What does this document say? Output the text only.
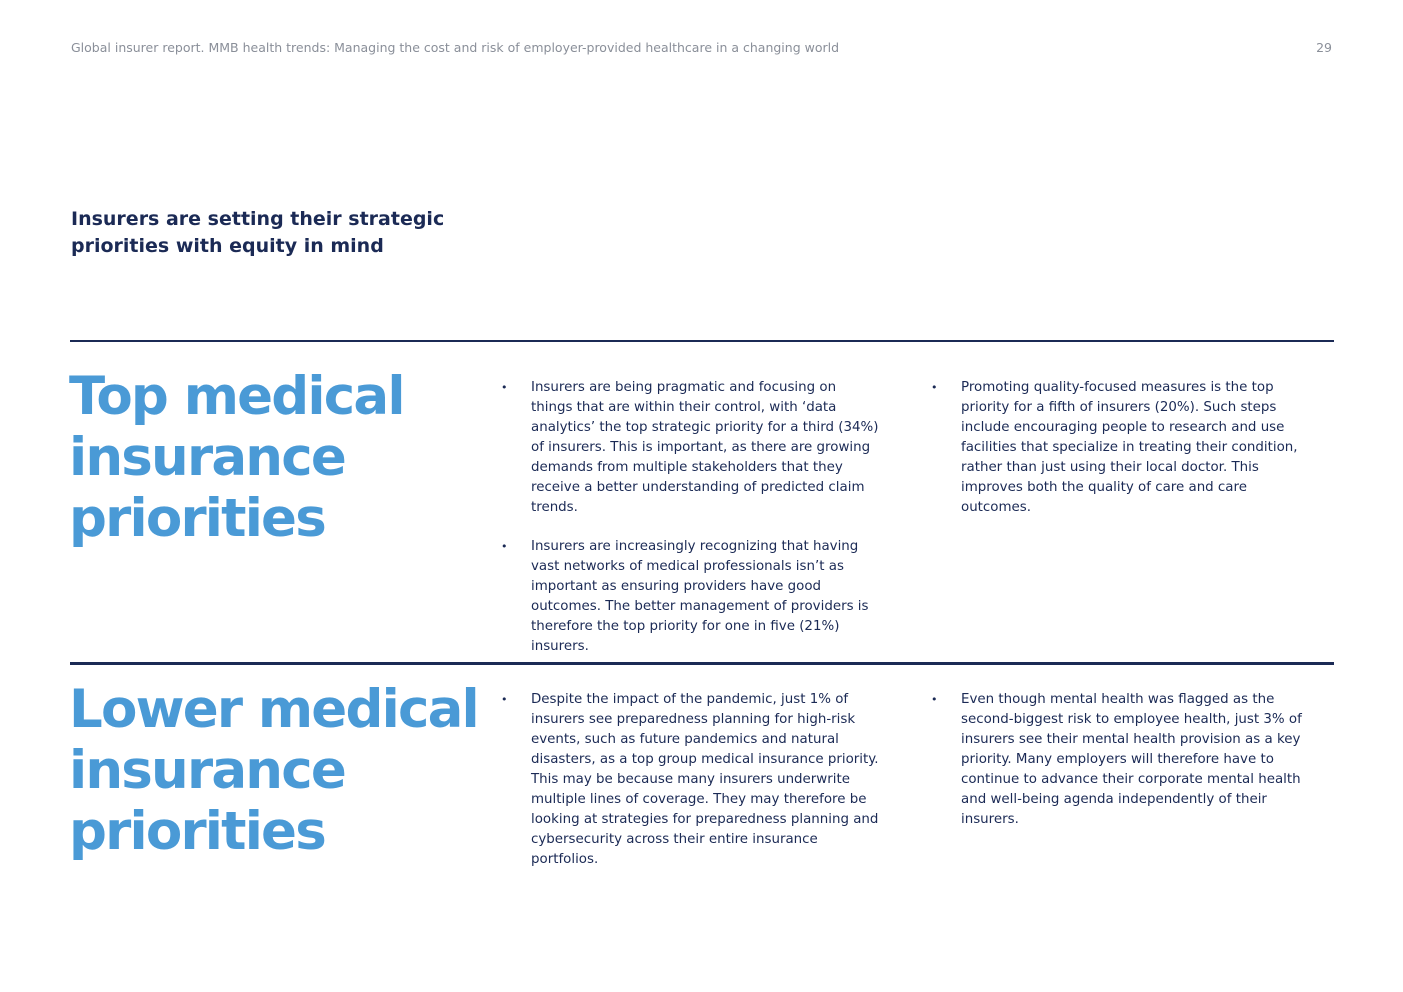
Global insurer report. MMB health trends: Managing the cost and risk of employer-provided healthcare in a changing world	29
Insurers are setting their strategic priorities with equity in mind
Top medical
insurance
priorities
• Insurers are being pragmatic and focusing on things that are within their control, with ‘data analytics’ the top strategic priority for a third (34%) of insurers. This is important, as there are growing demands from multiple stakeholders that they receive a better understanding of predicted claim trends.
• Insurers are increasingly recognizing that having vast networks of medical professionals isn’t as important as ensuring providers have good outcomes. The better management of providers is therefore the top priority for one in five (21%) insurers.
• Promoting quality-focused measures is the top priority for a fifth of insurers (20%). Such steps include encouraging people to research and use facilities that specialize in treating their condition, rather than just using their local doctor. This improves both the quality of care and care outcomes.
Lower medical
insurance
priorities
• Despite the impact of the pandemic, just 1% of insurers see preparedness planning for high-risk events, such as future pandemics and natural disasters, as a top group medical insurance priority. This may be because many insurers underwrite multiple lines of coverage. They may therefore be looking at strategies for preparedness planning and cybersecurity across their entire insurance portfolios.
• Even though mental health was flagged as the second-biggest risk to employee health, just 3% of insurers see their mental health provision as a key priority. Many employers will therefore have to continue to advance their corporate mental health and well-being agenda independently of their insurers.
